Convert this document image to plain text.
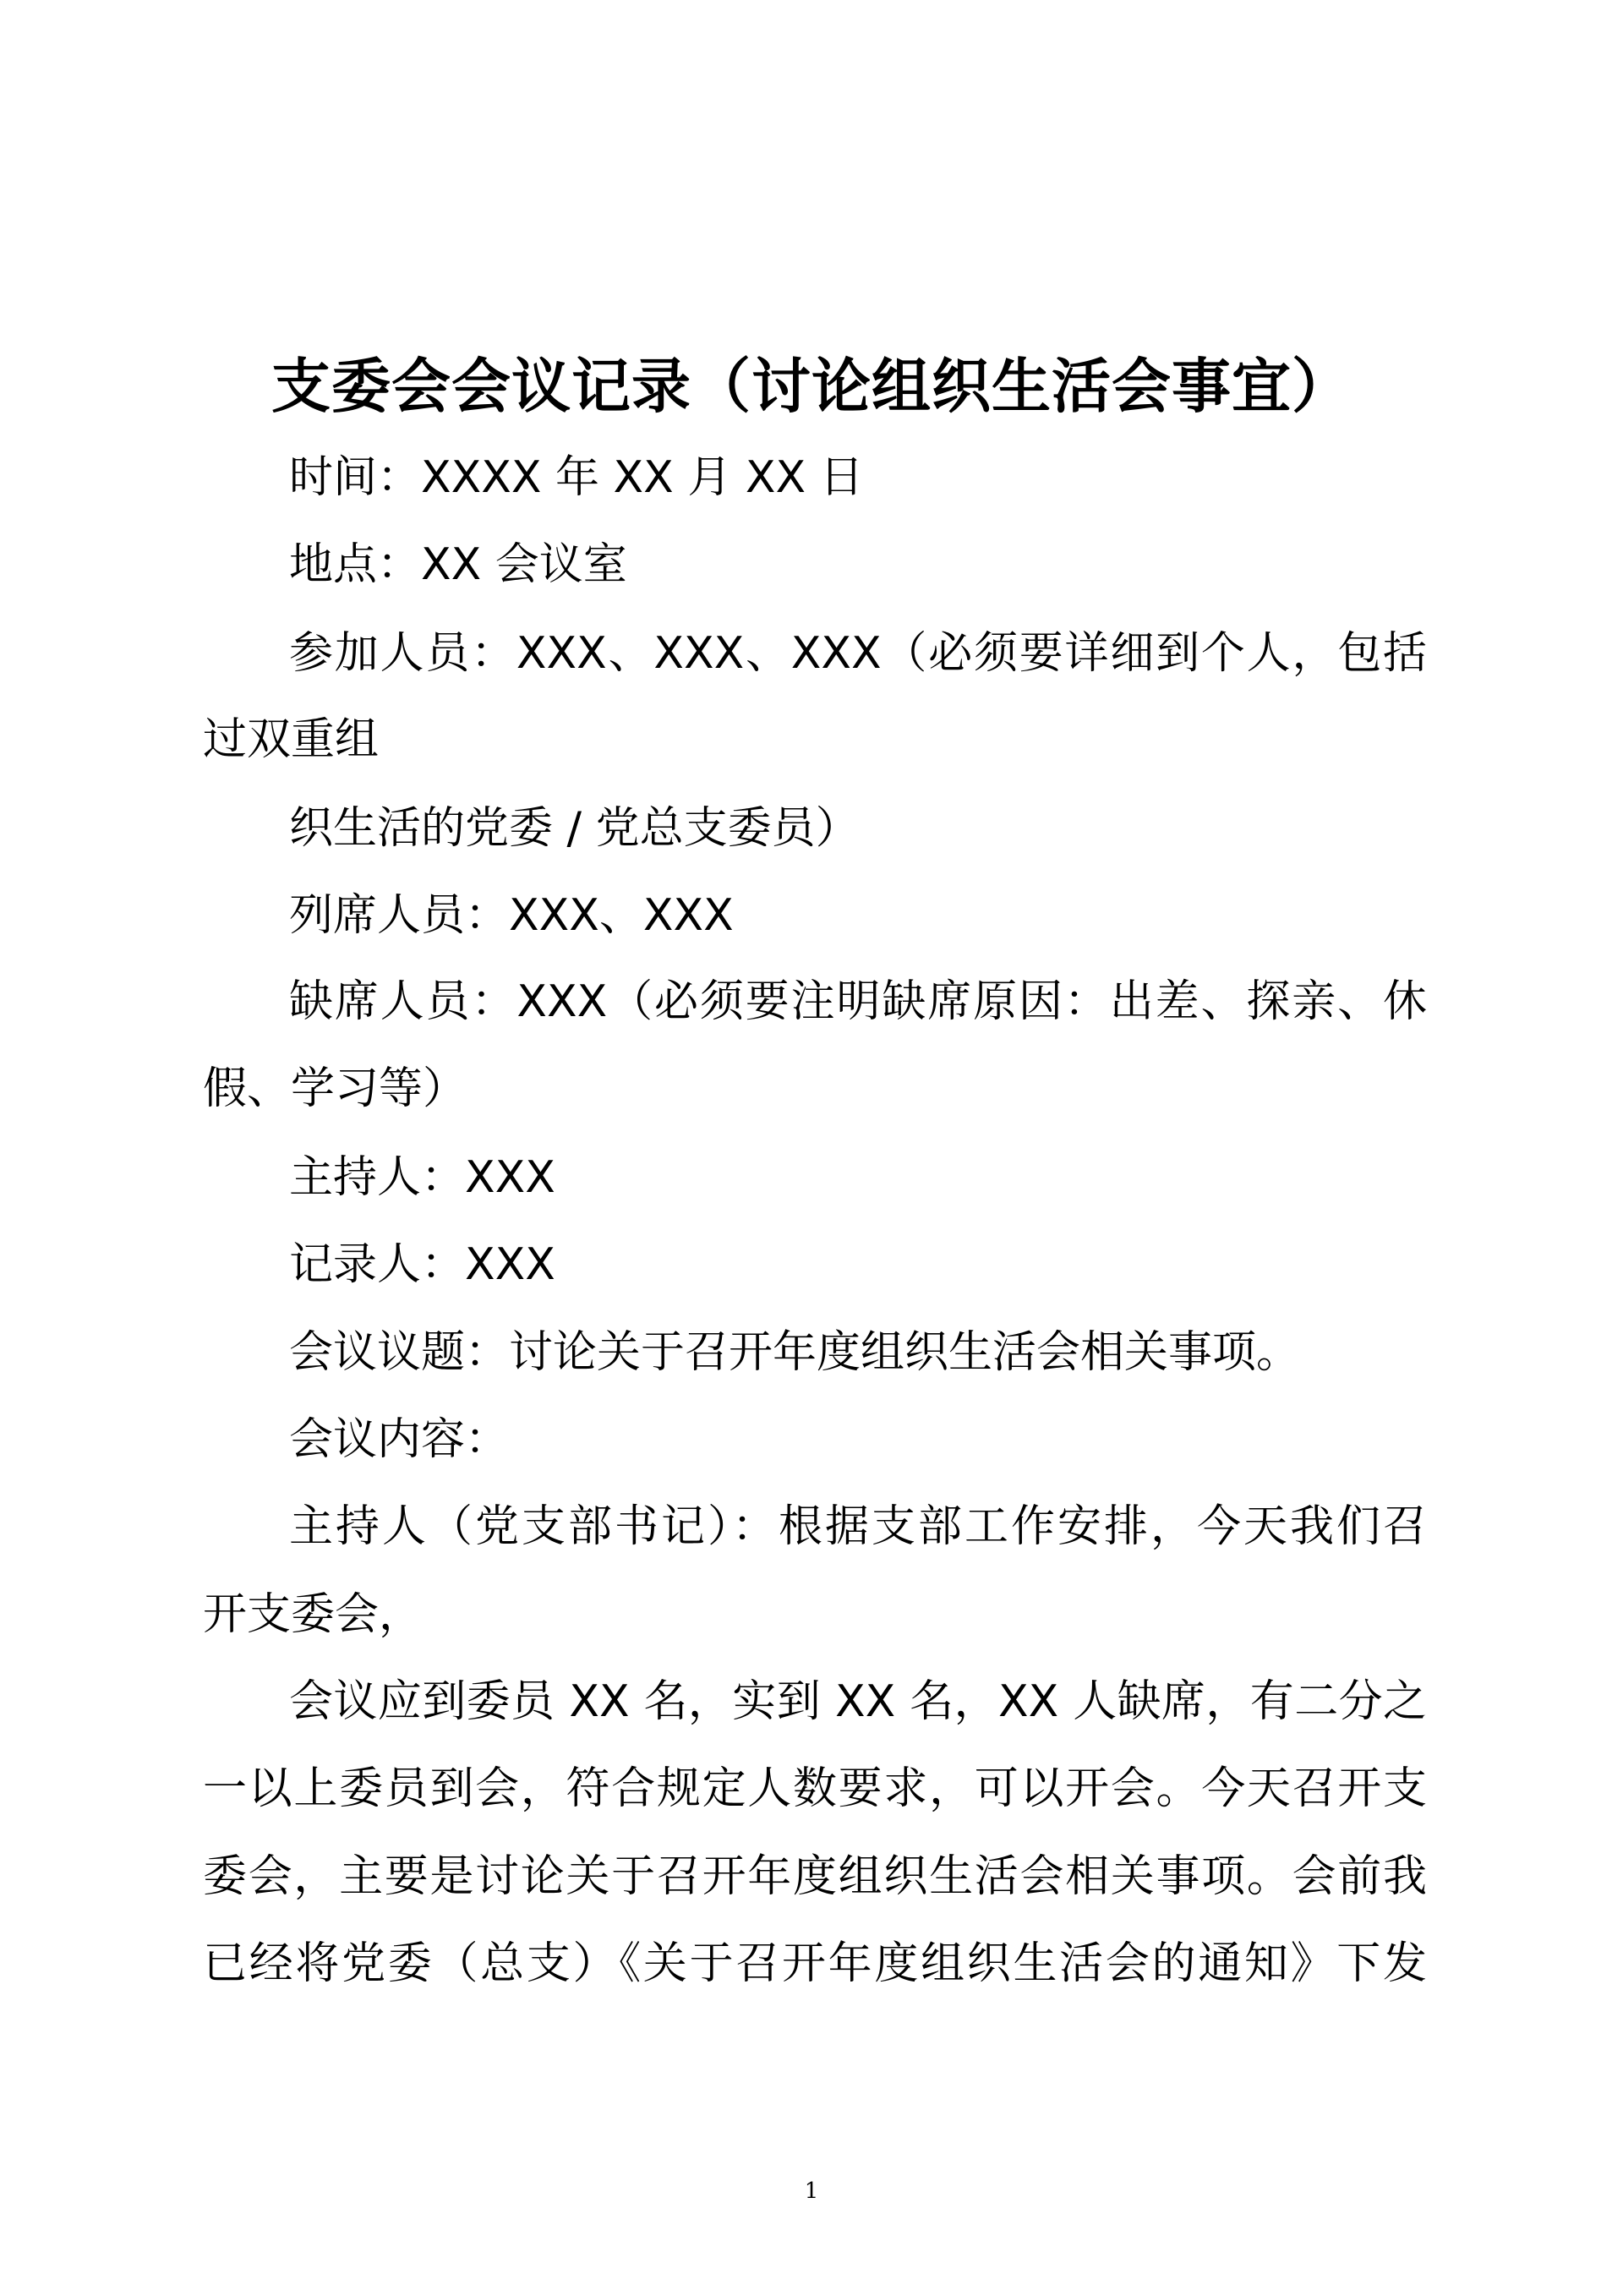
支委会会议记录（讨论组织生活会事宜）
时间：XXXX 年 XX 月 XX 日
地点：XX 会议室
参加人员：XXX、XXX、XXX（必须要详细到个人，包括
过双重组
织生活的党委 / 党总支委员）
列席人员：XXX、XXX
缺席人员：XXX（必须要注明缺席原因：出差、探亲、休
假、学习等）
主持人：XXX
记录人：XXX
会议议题：讨论关于召开年度组织生活会相关事项。
会议内容：
主持人（党支部书记）：根据支部工作安排，今天我们召
开支委会，
会议应到委员 XX 名，实到 XX 名，XX 人缺席，有二分之
一以上委员到会，符合规定人数要求，可以开会。今天召开支
委会，主要是讨论关于召开年度组织生活会相关事项。会前我
已经将党委（总支）《关于召开年度组织生活会的通知》下发
1
